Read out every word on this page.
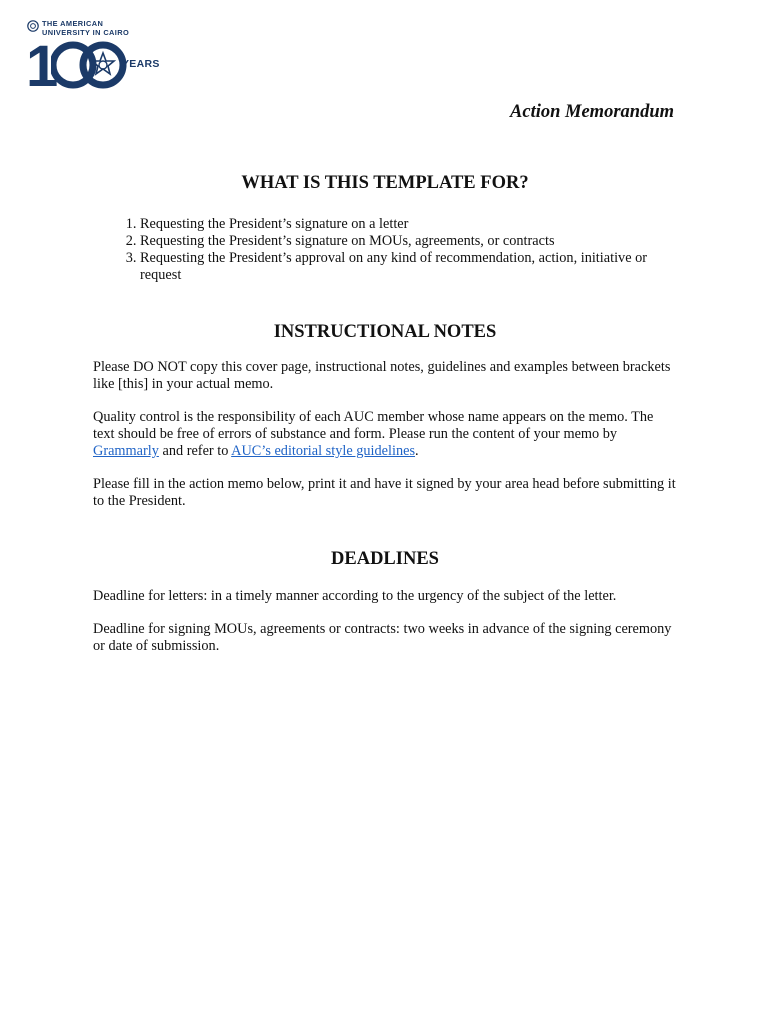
THE AMERICAN
UNIVERSITY IN CAIRO

1	YEARS

Action Memorandum

WHAT IS THIS TEMPLATE FOR?
1. Requesting the President’s signature on a letter
2. Requesting the President’s signature on MOUs, agreements, or contracts
3. Requesting the President’s approval on any kind of recommendation, action, initiative or request
INSTRUCTIONAL NOTES

Please DO NOT copy this cover page, instructional notes, guidelines and examples between brackets like [this] in your actual memo.

Quality control is the responsibility of each AUC member whose name appears on the memo. The text should be free of errors of substance and form. Please run the content of your memo by Grammarly and refer to AUC’s editorial style guidelines.

Please fill in the action memo below, print it and have it signed by your area head before submitting it to the President.

DEADLINES

Deadline for letters: in a timely manner according to the urgency of the subject of the letter.

Deadline for signing MOUs, agreements or contracts: two weeks in advance of the signing ceremony or date of submission.
